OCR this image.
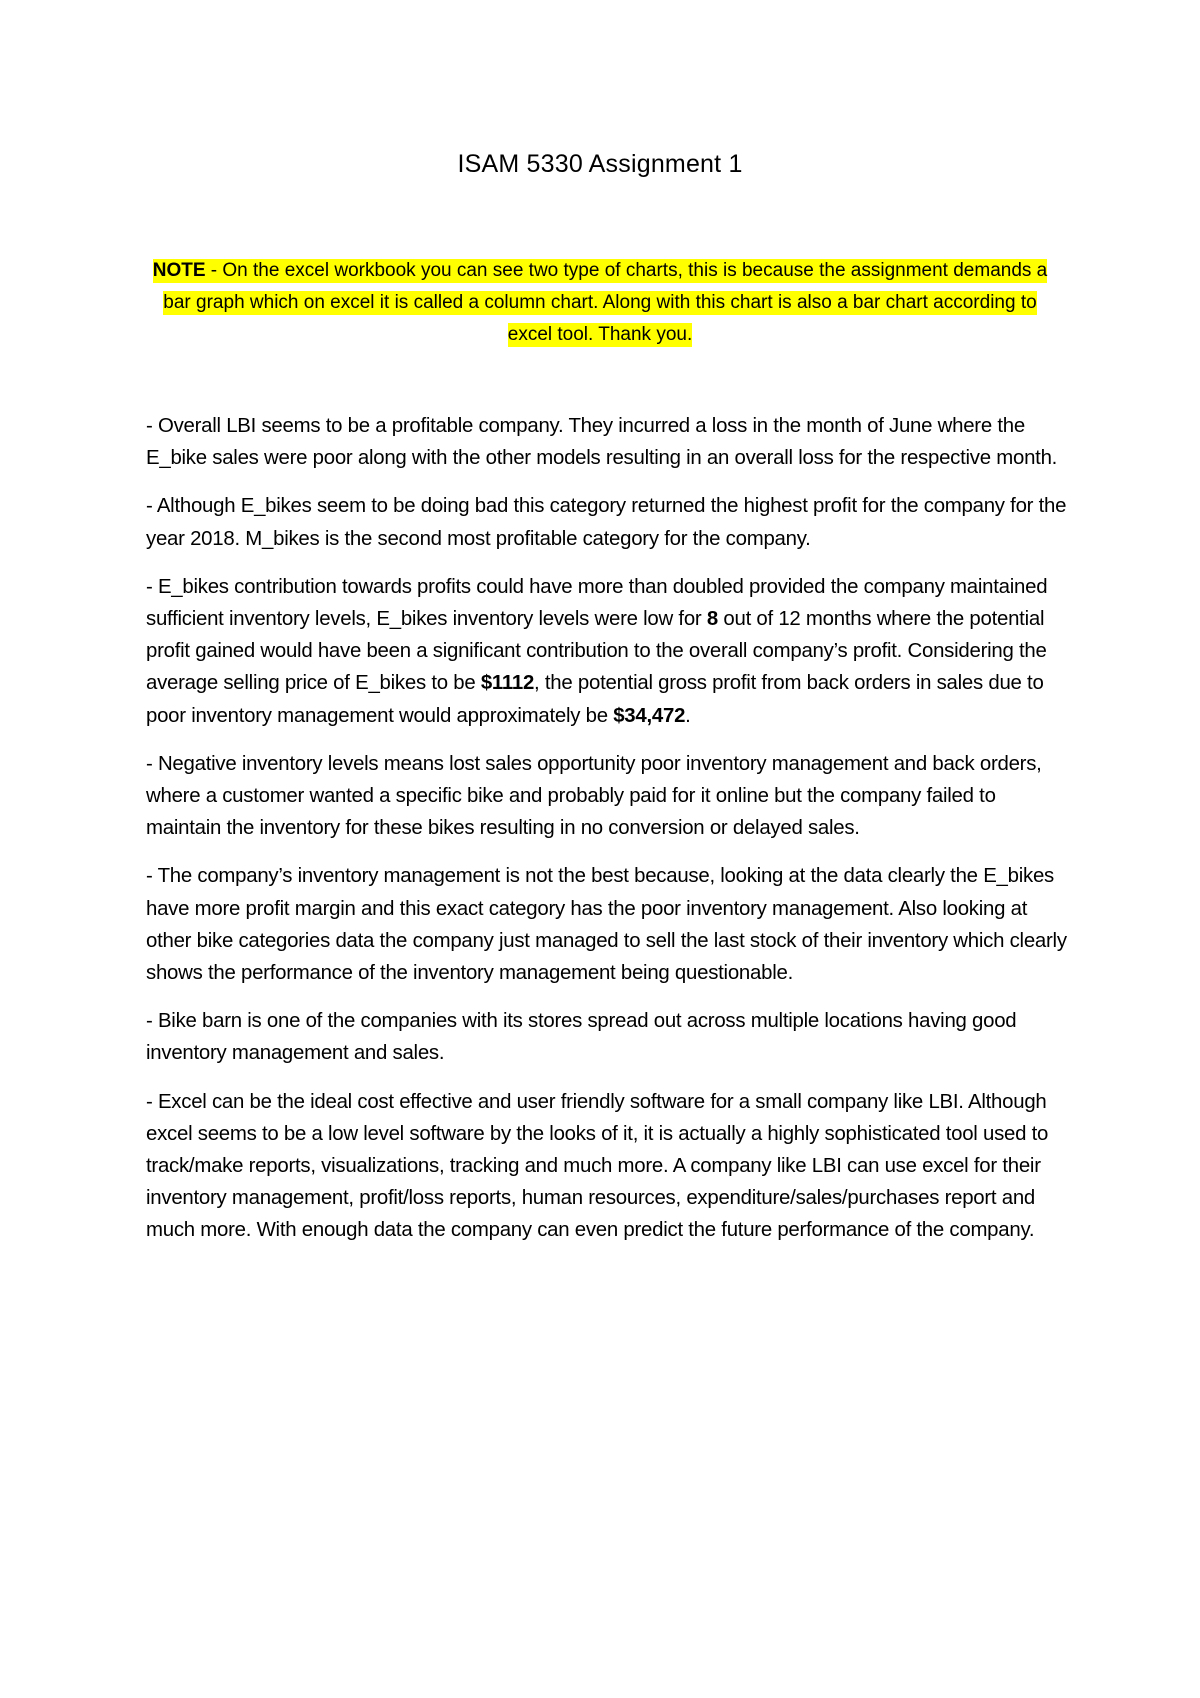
ISAM 5330 Assignment 1
NOTE - On the excel workbook you can see two type of charts, this is because the assignment demands a bar graph which on excel it is called a column chart. Along with this chart is also a bar chart according to excel tool. Thank you.

- Overall LBI seems to be a profitable company. They incurred a loss in the month of June where the E_bike sales were poor along with the other models resulting in an overall loss for the respective month.

- Although E_bikes seem to be doing bad this category returned the highest profit for the company for the year 2018. M_bikes is the second most profitable category for the company.

- E_bikes contribution towards profits could have more than doubled provided the company maintained sufficient inventory levels, E_bikes inventory levels were low for 8 out of 12 months where the potential profit gained would have been a significant contribution to the overall company’s profit. Considering the average selling price of E_bikes to be $1112, the potential gross profit from back orders in sales due to poor inventory management would approximately be $34,472.

- Negative inventory levels means lost sales opportunity poor inventory management and back orders, where a customer wanted a specific bike and probably paid for it online but the company failed to maintain the inventory for these bikes resulting in no conversion or delayed sales.

- The company’s inventory management is not the best because, looking at the data clearly the E_bikes have more profit margin and this exact category has the poor inventory management. Also looking at other bike categories data the company just managed to sell the last stock of their inventory which clearly shows the performance of the inventory management being questionable.

- Bike barn is one of the companies with its stores spread out across multiple locations having good inventory management and sales.

- Excel can be the ideal cost effective and user friendly software for a small company like LBI. Although excel seems to be a low level software by the looks of it, it is actually a highly sophisticated tool used to track/make reports, visualizations, tracking and much more. A company like LBI can use excel for their inventory management, profit/loss reports, human resources, expenditure/sales/purchases report and much more. With enough data the company can even predict the future performance of the company.
